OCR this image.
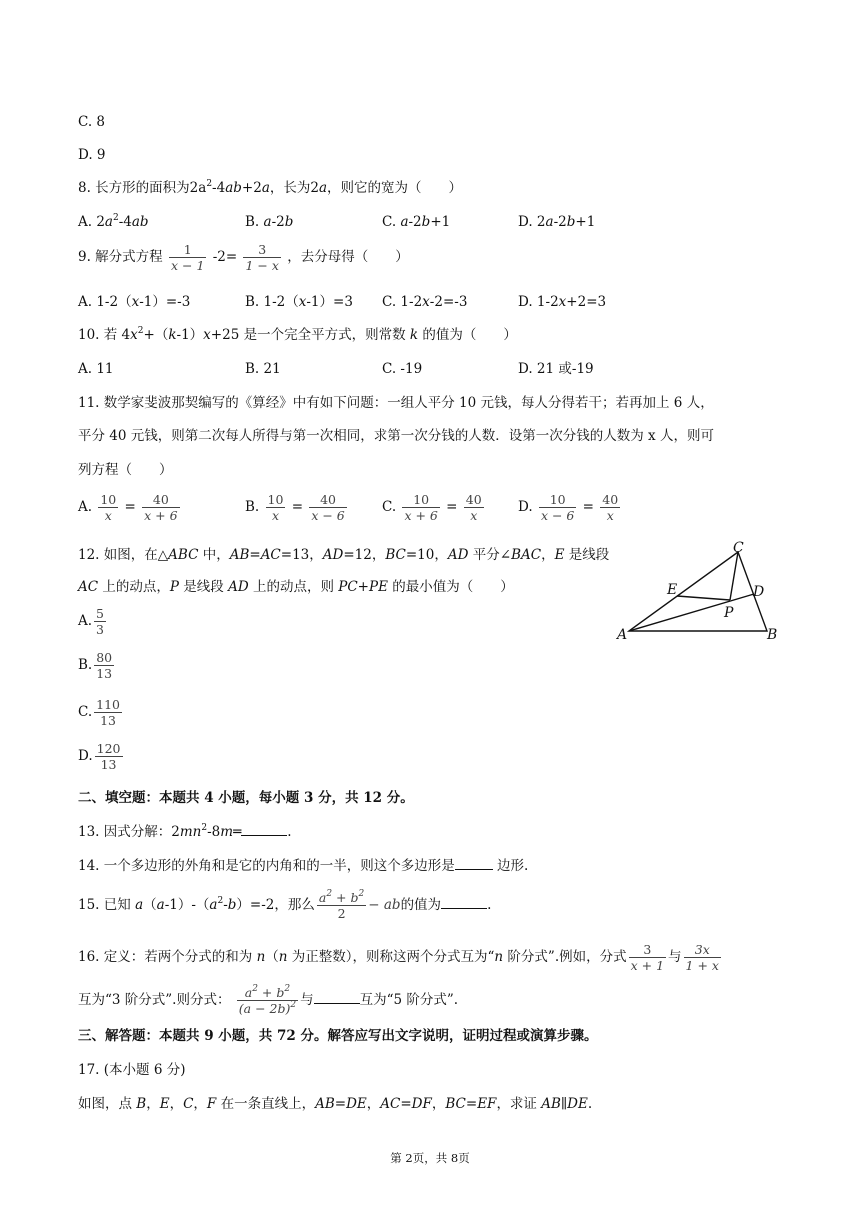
C. 8
D. 9
8. 长方形的面积为$2a^2-4ab+2a$，长为2a，则它的宽为（　　）
A. $2a^2-4ab$	B. a-2b	C. a-2b+1	D. 2a-2b+1
9. 解分式方程 $\frac{1}{x - 1} -2= \frac{3}{1 - x}$ ，去分母得（　　）
A. 1-2（x-1）=-3	B. 1-2（x-1）=3 C. 1-2x-2=-3	D. 1-2x+2=3
10. 若 $4x^2+(k-1)x+25$ 是一个完全平方式，则常数 k 的值为（　　）
A. 11	B. 21	C. -19	D. 21 或-19
11. 数学家斐波那契编写的《算经》中有如下问题：一组人平分 10 元钱，每人分得若干；若再加上 6 人，
平分 40 元钱，则第二次每人所得与第一次相同，求第一次分钱的人数．设第一次分钱的人数为 x 人，则可
列方程（　　）
A. $\frac{10}{x} = \frac{40}{x + 6}$	B. $\frac{10}{x} = \frac{40}{x - 6}$	C. $\frac{10}{x + 6} = \frac{40}{x}$	D. $\frac{10}{x - 6} = \frac{40}{x}$
12. 如图，在△ABC 中，AB=AC=13，AD=12，BC=10，AD 平分∠BAC，E 是线段
AC 上的动点，P 是线段 AD 上的动点，则 PC+PE 的最小值为（　　）
A. $\frac{5}{3}$
B. $\frac{80}{13}$
C. $\frac{110}{13}$
D. $\frac{120}{13}$
C
E	D
P
A	B
二、填空题：本题共 4 小题，每小题 3 分，共 12 分。
13. 因式分解：$2mn^2-8m═$	.
14. 一个多边形的外角和是它的内角和的一半，则这个多边形是	边形.
15. 已知 $a(a-1)-(a^2-b)=-2$，那么 $\frac{a^2 + b^2}{2}$ − ab的值为	.
16. 定义：若两个分式的和为 n（n 为正整数），则称这两个分式互为“n 阶分式”.例如，分式 $\frac{3}{x + 1}$ 与 $\frac{3x}{1 + x}$
互为“3 阶分式”.则分式： $\frac{a^2 + b^2}{(a - 2b)^2}$ 与	互为“5 阶分式”.
三、解答题：本题共 9 小题，共 72 分。解答应写出文字说明，证明过程或演算步骤。
17. (本小题 6 分)
如图，点 B，E，C，F 在一条直线上，AB=DE，AC=DF，BC=EF，求证 AB∥DE.
第 2页，共 8页
